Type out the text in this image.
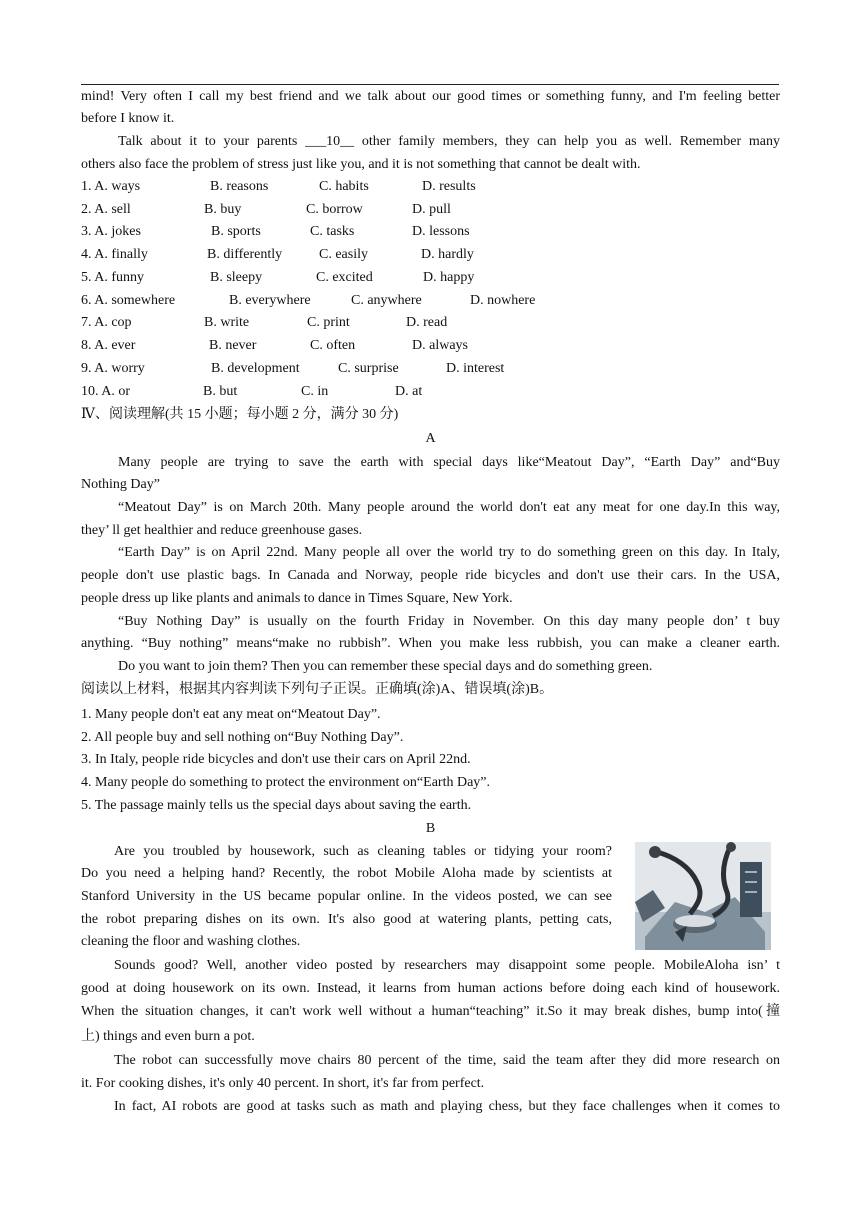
mind! Very often I call my best friend and we talk about our good times or something funny, and I'm feeling better
before I know it.
Talk about it to your parents ___10__ other family members, they can help you as well. Remember many
others also face the problem of stress just like you, and it is not something that cannot be dealt with.
1. A. ways	B. reasons	C. habits	D. results
2. A. sell	B. buy	C. borrow	D. pull
3. A. jokes	B. sports	C. tasks	D. lessons
4. A. finally	B. differently	C. easily	D. hardly
5. A. funny	B. sleepy	C. excited	D. happy
6. A. somewhere	B. everywhere	C. anywhere	D. nowhere
7. A. cop	B. write	C. print	D. read
8. A. ever	B. never	C. often	D. always
9. A. worry	B. development	C. surprise	D. interest
10. A. or	B. but	C. in	D. at
Ⅳ、阅读理解(共 15 小题；每小题 2 分，满分 30 分)
A
Many people are trying to save the earth with special days like“Meatout Day”, “Earth Day” and“Buy
Nothing Day”
“Meatout Day” is on March 20th. Many people around the world don't eat any meat for one day.In this way,
they’ ll get healthier and reduce greenhouse gases.
“Earth Day” is on April 22nd. Many people all over the world try to do something green on this day. In Italy,
people don't use plastic bags. In Canada and Norway, people ride bicycles and don't use their cars. In the USA,
people dress up like plants and animals to dance in Times Square, New York.
“Buy Nothing Day” is usually on the fourth Friday in November. On this day many people don’ t buy
anything. “Buy nothing” means“make no rubbish”. When you make less rubbish, you can make a cleaner earth.
Do you want to join them? Then you can remember these special days and do something green.
阅读以上材料，根据其内容判读下列句子正误。正确填(涂)A、错误填(涂)B。
1. Many people don't eat any meat on“Meatout Day”.
2. All people buy and sell nothing on“Buy Nothing Day”.
3. In Italy, people ride bicycles and don't use their cars on April 22nd.
4. Many people do something to protect the environment on“Earth Day”.
5. The passage mainly tells us the special days about saving the earth.
B
Are you troubled by housework, such as cleaning tables or tidying your room?
Do you need a helping hand? Recently, the robot Mobile Aloha made by scientists at
Stanford University in the US became popular online. In the videos posted, we can see
the robot preparing dishes on its own. It's also good at watering plants, petting cats,
cleaning the floor and washing clothes.
Sounds good? Well, another video posted by researchers may disappoint some people. MobileAloha isn’ t
good at doing housework on its own. Instead, it learns from human actions before doing each kind of housework.
When the situation changes, it can't work well without a human“teaching” it.So it may break dishes, bump into(撞
上) things and even burn a pot.
The robot can successfully move chairs 80 percent of the time, said the team after they did more research on
it. For cooking dishes, it's only 40 percent. In short, it's far from perfect.
In fact, AI robots are good at tasks such as math and playing chess, but they face challenges when it comes to
